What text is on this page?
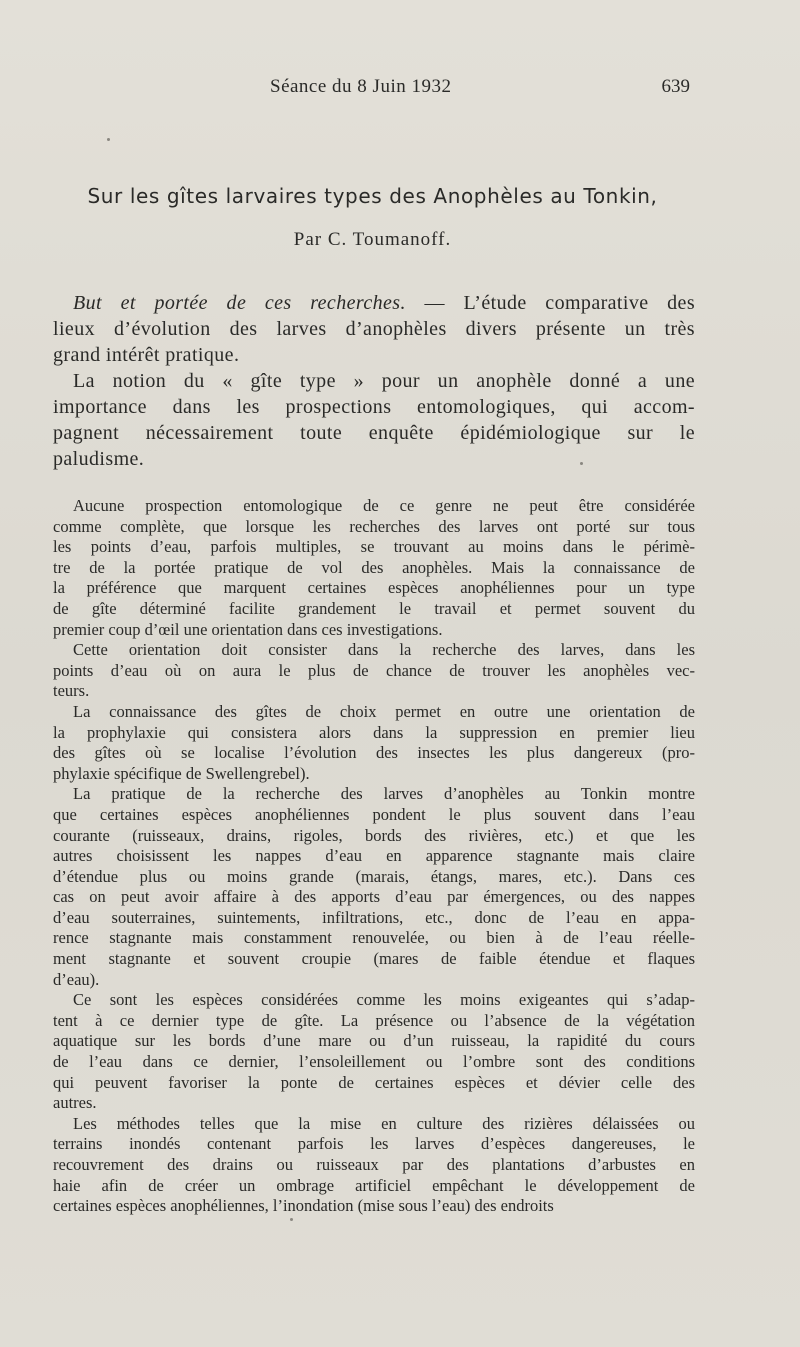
Séance du 8 Juin 1932	639
Sur les gîtes larvaires types des Anophèles au Tonkin,
Par C. Toumanoff.
But et portée de ces recherches. — L’étude comparative des
lieux d’évolution des larves d’anophèles divers présente un très
grand intérêt pratique.
La notion du « gîte type » pour un anophèle donné a une
importance dans les prospections entomologiques, qui accom-
pagnent nécessairement toute enquête épidémiologique sur le
paludisme.
Aucune prospection entomologique de ce genre ne peut être considérée
comme complète, que lorsque les recherches des larves ont porté sur tous
les points d’eau, parfois multiples, se trouvant au moins dans le périmè-
tre de la portée pratique de vol des anophèles. Mais la connaissance de
la préférence que marquent certaines espèces anophéliennes pour un type
de gîte déterminé facilite grandement le travail et permet souvent du
premier coup d’œil une orientation dans ces investigations.
Cette orientation doit consister dans la recherche des larves, dans les
points d’eau où on aura le plus de chance de trouver les anophèles vec-
teurs.
La connaissance des gîtes de choix permet en outre une orientation de
la prophylaxie qui consistera alors dans la suppression en premier lieu
des gîtes où se localise l’évolution des insectes les plus dangereux (pro-
phylaxie spécifique de Swellengrebel).
La pratique de la recherche des larves d’anophèles au Tonkin montre
que certaines espèces anophéliennes pondent le plus souvent dans l’eau
courante (ruisseaux, drains, rigoles, bords des rivières, etc.) et que les
autres choisissent les nappes d’eau en apparence stagnante mais claire
d’étendue plus ou moins grande (marais, étangs, mares, etc.). Dans ces
cas on peut avoir affaire à des apports d’eau par émergences, ou des nappes
d’eau souterraines, suintements, infiltrations, etc., donc de l’eau en appa-
rence stagnante mais constamment renouvelée, ou bien à de l’eau réelle-
ment stagnante et souvent croupie (mares de faible étendue et flaques
d’eau).
Ce sont les espèces considérées comme les moins exigeantes qui s’adap-
tent à ce dernier type de gîte. La présence ou l’absence de la végétation
aquatique sur les bords d’une mare ou d’un ruisseau, la rapidité du cours
de l’eau dans ce dernier, l’ensoleillement ou l’ombre sont des conditions
qui peuvent favoriser la ponte de certaines espèces et dévier celle des
autres.
Les méthodes telles que la mise en culture des rizières délaissées ou
terrains inondés contenant parfois les larves d’espèces dangereuses, le
recouvrement des drains ou ruisseaux par des plantations d’arbustes en
haie afin de créer un ombrage artificiel empêchant le développement de
certaines espèces anophéliennes, l’inondation (mise sous l’eau) des endroits
